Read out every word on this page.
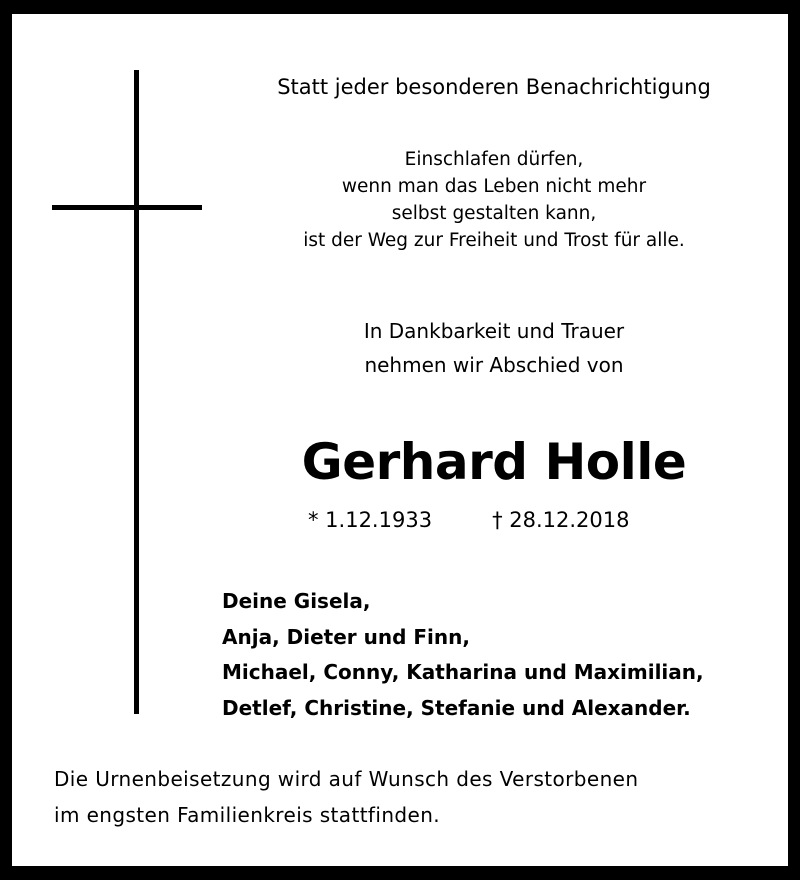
Statt jeder besonderen Benachrichtigung
Einschlafen dürfen,
wenn man das Leben nicht mehr
selbst gestalten kann,
ist der Weg zur Freiheit und Trost für alle.
In Dankbarkeit und Trauer
nehmen wir Abschied von
Gerhard Holle
* 1.12.1933	† 28.12.2018
Deine Gisela,
Anja, Dieter und Finn,
Michael, Conny, Katharina und Maximilian,
Detlef, Christine, Stefanie und Alexander.
Die Urnenbeisetzung wird auf Wunsch des Verstorbenen
im engsten Familienkreis stattfinden.
